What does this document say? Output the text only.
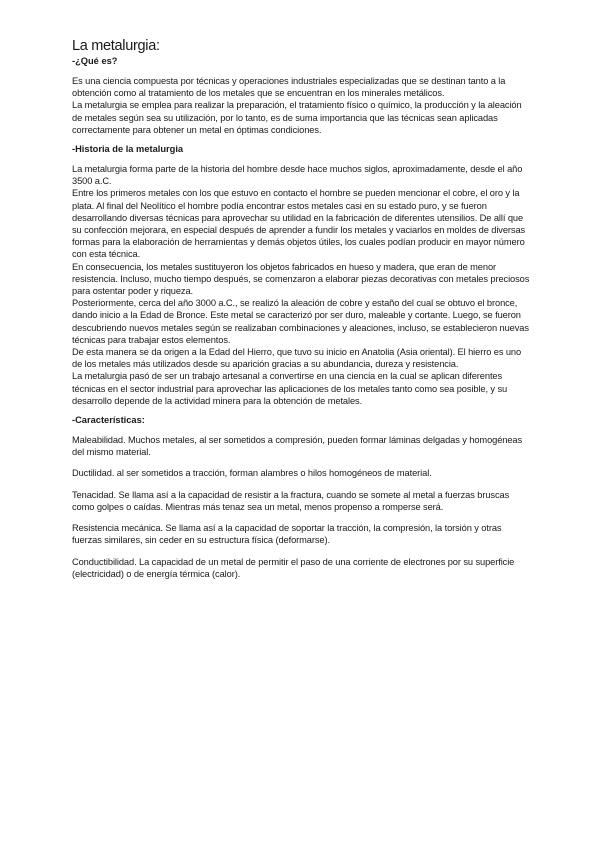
La metalurgia:

-¿Qué es?

Es una ciencia compuesta por técnicas y operaciones industriales especializadas que se destinan tanto a la obtención como al tratamiento de los metales que se encuentran en los minerales metálicos.

La metalurgia se emplea para realizar la preparación, el tratamiento físico o químico, la producción y la aleación de metales según sea su utilización, por lo tanto, es de suma importancia que las técnicas sean aplicadas correctamente para obtener un metal en óptimas condiciones.

-Historia de la metalurgia

La metalurgia forma parte de la historia del hombre desde hace muchos siglos, aproximadamente, desde el año 3500 a.C.

Entre los primeros metales con los que estuvo en contacto el hombre se pueden mencionar el cobre, el oro y la plata. Al final del Neolítico el hombre podía encontrar estos metales casi en su estado puro, y se fueron desarrollando diversas técnicas para aprovechar su utilidad en la fabricación de diferentes utensilios. De allí que su confección mejorara, en especial después de aprender a fundir los metales y vaciarlos en moldes de diversas formas para la elaboración de herramientas y demás objetos útiles, los cuales podían producir en mayor número con esta técnica.

En consecuencia, los metales sustituyeron los objetos fabricados en hueso y madera, que eran de menor resistencia. Incluso, mucho tiempo después, se comenzaron a elaborar piezas decorativas con metales preciosos para ostentar poder y riqueza.

Posteriormente, cerca del año 3000 a.C., se realizó la aleación de cobre y estaño del cual se obtuvo el bronce, dando inicio a la Edad de Bronce. Este metal se caracterizó por ser duro, maleable y cortante. Luego, se fueron descubriendo nuevos metales según se realizaban combinaciones y aleaciones, incluso, se establecieron nuevas técnicas para trabajar estos elementos.

De esta manera se da origen a la Edad del Hierro, que tuvo su inicio en Anatolia (Asia oriental). El hierro es uno de los metales más utilizados desde su aparición gracias a su abundancia, dureza y resistencia.

La metalurgia pasó de ser un trabajo artesanal a convertirse en una ciencia en la cual se aplican diferentes técnicas en el sector industrial para aprovechar las aplicaciones de los metales tanto como sea posible, y su desarrollo depende de la actividad minera para la obtención de metales.

-Características:

Maleabilidad. Muchos metales, al ser sometidos a compresión, pueden formar láminas delgadas y homogéneas del mismo material.

Ductilidad. al ser sometidos a tracción, forman alambres o hilos homogéneos de material.

Tenacidad. Se llama así a la capacidad de resistir a la fractura, cuando se somete al metal a fuerzas bruscas como golpes o caídas. Mientras más tenaz sea un metal, menos propenso a romperse será.

Resistencia mecánica. Se llama así a la capacidad de soportar la tracción, la compresión, la torsión y otras fuerzas similares, sin ceder en su estructura física (deformarse).

Conductibilidad. La capacidad de un metal de permitir el paso de una corriente de electrones por su superficie (electricidad) o de energía térmica (calor).
